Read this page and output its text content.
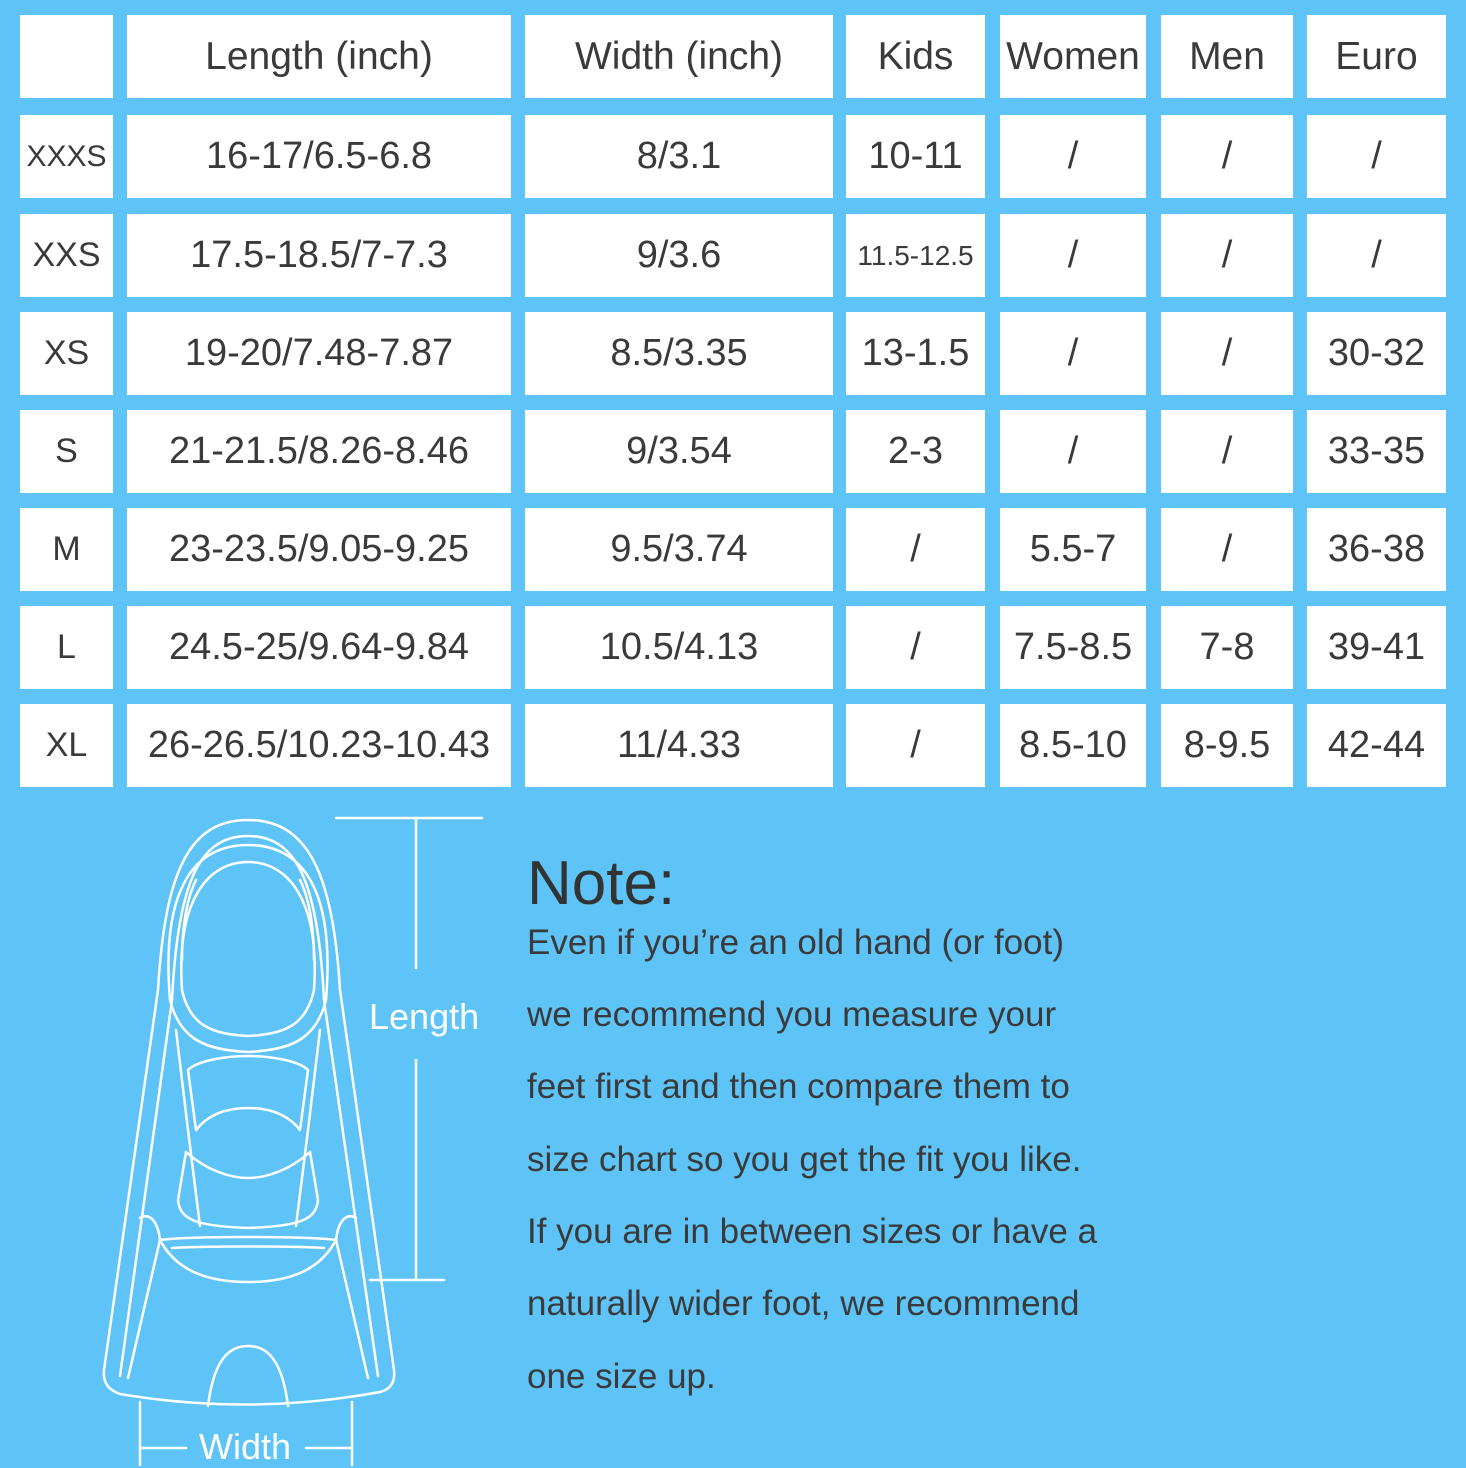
Length (inch)	Width (inch)	Kids	Women	Men	Euro
XXXS	16-17/6.5-6.8	8/3.1	10-11	/	/	/
XXS	17.5-18.5/7-7.3	9/3.6	11.5-12.5	/	/	/
XS	19-20/7.48-7.87	8.5/3.35	13-1.5	/	/	30-32
S	21-21.5/8.26-8.46	9/3.54	2-3	/	/	33-35
M	23-23.5/9.05-9.25	9.5/3.74	/	5.5-7	/	36-38
L	24.5-25/9.64-9.84	10.5/4.13	/	7.5-8.5	7-8	39-41
XL	26-26.5/10.23-10.43	11/4.33	/	8.5-10	8-9.5	42-44
Length
Width
Note:
Even if you’re an old hand (or foot)
we recommend you measure your
feet first and then compare them to
size chart so you get the fit you like.
If you are in between sizes or have a
naturally wider foot, we recommend
one size up.
